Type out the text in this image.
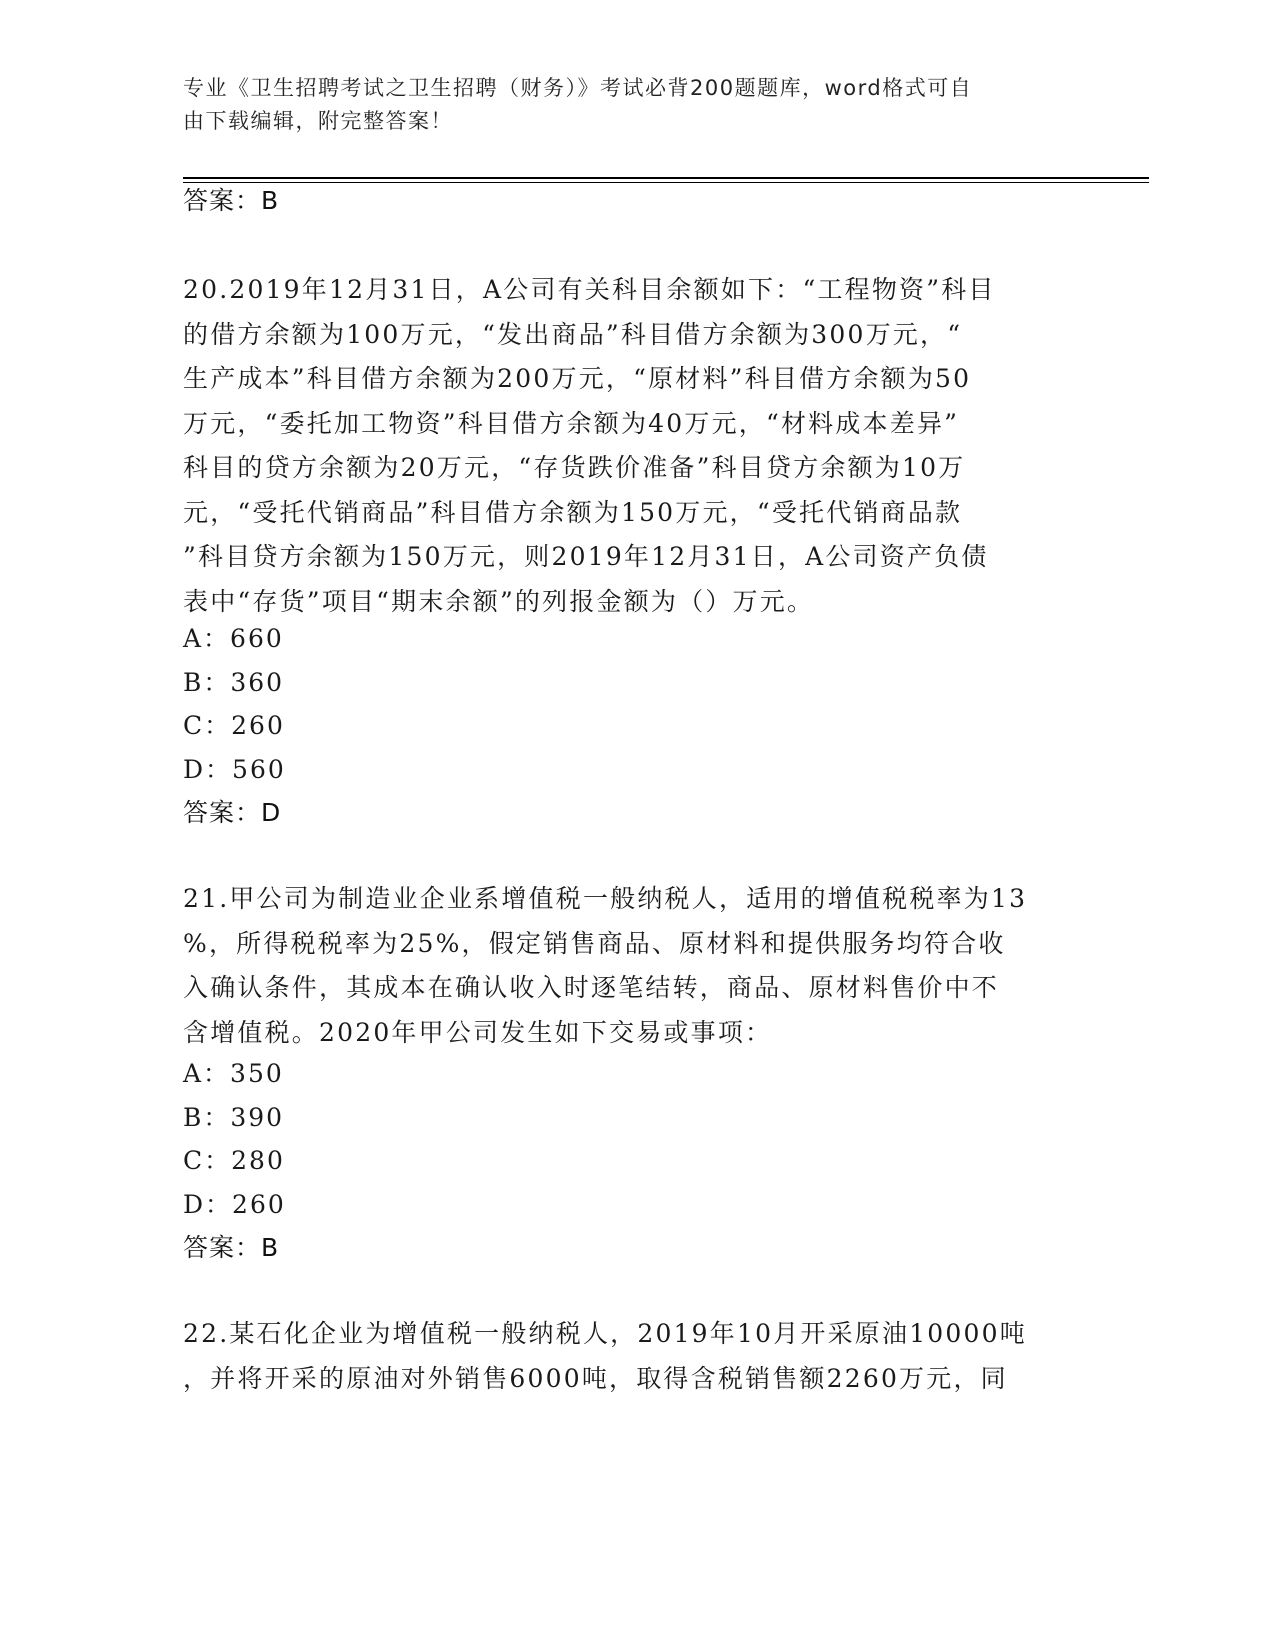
专业《卫生招聘考试之卫生招聘（财务）》考试必背200题题库，word格式可自
由下载编辑，附完整答案！
答案：B
20.2019年12月31日，A公司有关科目余额如下：“工程物资”科目
的借方余额为100万元，“发出商品”科目借方余额为300万元，“
生产成本”科目借方余额为200万元，“原材料”科目借方余额为50
万元，“委托加工物资”科目借方余额为40万元，“材料成本差异”
科目的贷方余额为20万元，“存货跌价准备”科目贷方余额为10万
元，“受托代销商品”科目借方余额为150万元，“受托代销商品款
”科目贷方余额为150万元，则2019年12月31日，A公司资产负债
表中“存货”项目“期末余额”的列报金额为（）万元。
A：660
B：360
C：260
D：560
答案：D
21.甲公司为制造业企业系增值税一般纳税人，适用的增值税税率为13
%，所得税税率为25%，假定销售商品、原材料和提供服务均符合收
入确认条件，其成本在确认收入时逐笔结转，商品、原材料售价中不
含增值税。2020年甲公司发生如下交易或事项：
A：350
B：390
C：280
D：260
答案：B
22.某石化企业为增值税一般纳税人，2019年10月开采原油10000吨
，并将开采的原油对外销售6000吨，取得含税销售额2260万元，同
